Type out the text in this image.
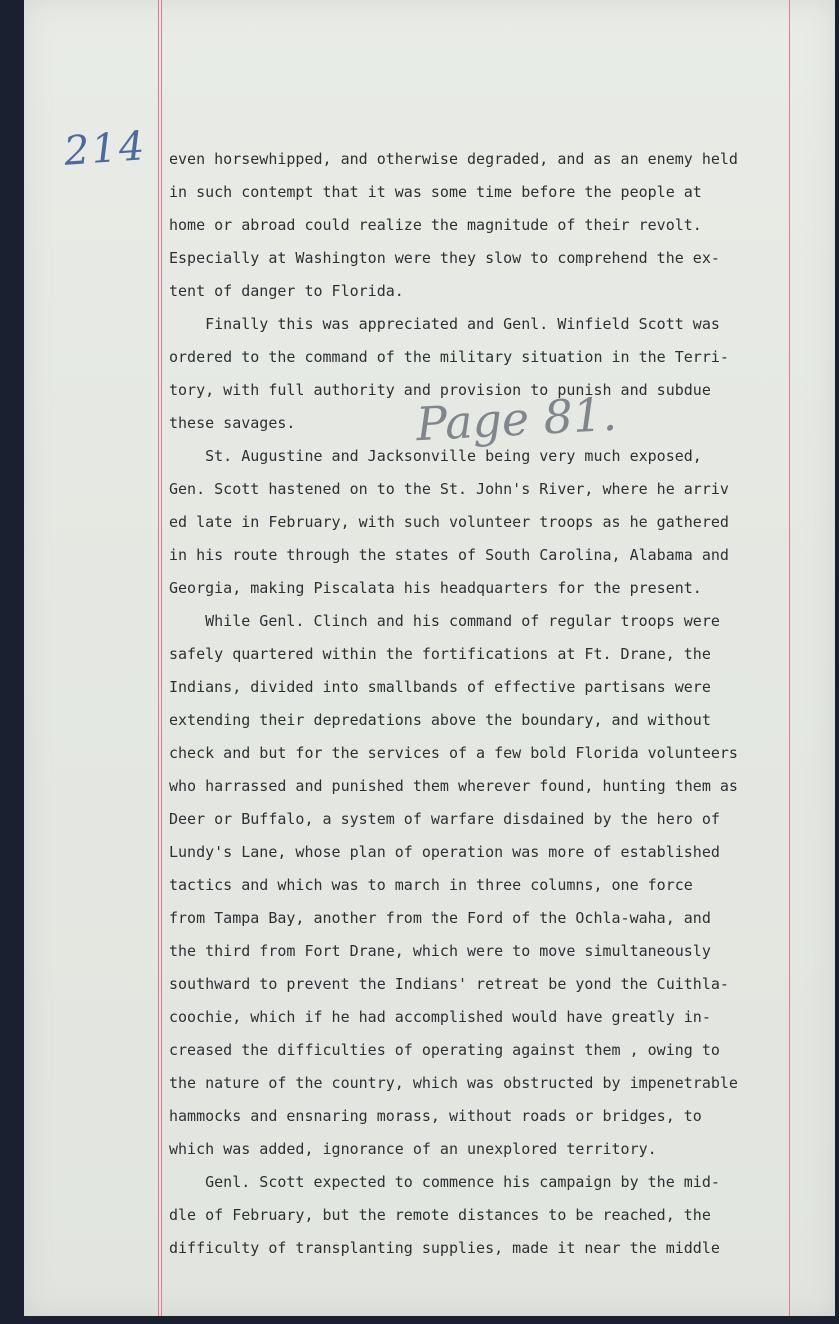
214
Page 81.
even horsewhipped, and otherwise degraded, and as an enemy held
in such contempt that it was some time before the people at
home or abroad could realize the magnitude of their revolt.
Especially at Washington were they slow to comprehend the ex-
tent of danger to Florida.
Finally this was appreciated and Genl. Winfield Scott was
ordered to the command of the military situation in the Terri-
tory, with full authority and provision to punish and subdue
these savages.
St. Augustine and Jacksonville being very much exposed,
Gen. Scott hastened on to the St. John's River, where he arriv
ed late in February, with such volunteer troops as he gathered
in his route through the states of South Carolina, Alabama and
Georgia, making Piscalata his headquarters for the present.
While Genl. Clinch and his command of regular troops were
safely quartered within the fortifications at Ft. Drane, the
Indians, divided into smallbands of effective partisans were
extending their depredations above the boundary, and without
check and but for the services of a few bold Florida volunteers
who harrassed and punished them wherever found, hunting them as
Deer or Buffalo, a system of warfare disdained by the hero of
Lundy's Lane, whose plan of operation was more of established
tactics and which was to march in three columns, one force
from Tampa Bay, another from the Ford of the Ochla-waha, and
the third from Fort Drane, which were to move simultaneously
southward to prevent the Indians' retreat be yond the Cuithla-
coochie, which if he had accomplished would have greatly in-
creased the difficulties of operating against them , owing to
the nature of the country, which was obstructed by impenetrable
hammocks and ensnaring morass, without roads or bridges, to
which was added, ignorance of an unexplored territory.
Genl. Scott expected to commence his campaign by the mid-
dle of February, but the remote distances to be reached, the
difficulty of transplanting supplies, made it near the middle
